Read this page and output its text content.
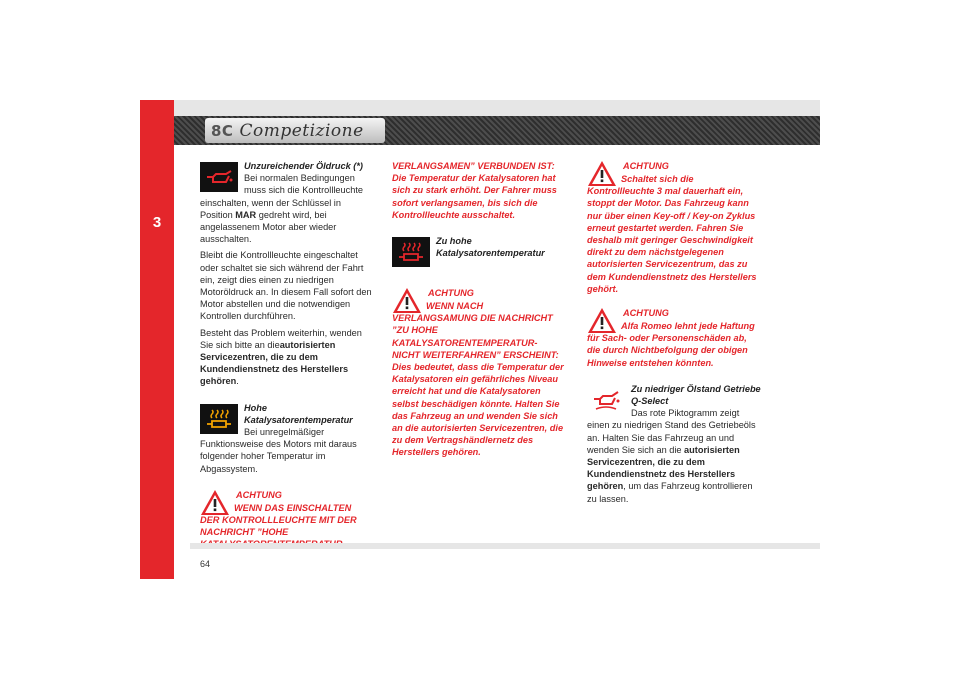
3
8C Competizione
Unzureichender Öldruck (*)

Bei normalen Bedingungen muss sich die Kontrollleuchte einschalten, wenn der Schlüssel in Position MAR gedreht wird, bei angelassenem Motor aber wieder ausschalten.

Bleibt die Kontrollleuchte eingeschaltet oder schaltet sie sich während der Fahrt ein, zeigt dies einen zu niedrigen Motoröldruck an. In diesem Fall sofort den Motor abstellen und die notwendigen Kontrollen durchführen.

Besteht das Problem weiterhin, wenden Sie sich bitte an dieautorisierten Servicezentren, die zu dem Kundendienstnetz des Herstellers gehören.

Hohe Katalysatorentemperatur

Bei unregelmäßiger Funktionsweise des Motors mit daraus folgender hoher Temperatur im Abgassystem.

ACHTUNG
WENN DAS EINSCHALTEN DER KONTROLLLEUCHTE MIT DER NACHRICHT ”HOHE
VERLANGSAMEN” VERBUNDEN IST: Die Temperatur der Katalysatoren hat sich zu stark erhöht. Der Fahrer muss sofort verlangsamen, bis sich die Kontrollleuchte ausschaltet.
Zu hohe Katalysatorentemperatur
ACHTUNG
WENN NACH VERLANGSAMUNG DIE NACHRICHT ”ZU HOHE KATALYSATORENTEMPERATUR- NICHT WEITERFAHREN” ERSCHEINT: Dies bedeutet, dass die Temperatur der Katalysatoren ein gefährliches Niveau erreicht hat und die Katalysatoren selbst beschädigen könnte. Halten Sie das Fahrzeug an und wenden Sie sich an die autorisierten Servicezentren, die zu dem Vertragshändlernetz des Herstellers gehören.
ACHTUNG
Schaltet sich die Kontrollleuchte 3 mal dauerhaft ein, stoppt der Motor. Das Fahrzeug kann nur über einen Key-off / Key-on Zyklus erneut gestartet werden. Fahren Sie deshalb mit geringer Geschwindigkeit direkt zu dem nächstgelegenen autorisierten Servicezentrum, das zu dem Kundendienstnetz des Herstellers gehört.
ACHTUNG
Alfa Romeo lehnt jede Haftung für Sach- oder Personenschäden ab, die durch Nichtbefolgung der obigen Hinweise entstehen könnten.
Zu niedriger Ölstand Getriebe Q-Select

Das rote Piktogramm zeigt einen zu niedrigen Stand des Getriebeöls an. Halten Sie das Fahrzeug an und wenden Sie sich an die autorisierten Servicezentren, die zu dem Kundendienstnetz des Herstellers gehören, um das Fahrzeug kontrollieren zu lassen.

64
